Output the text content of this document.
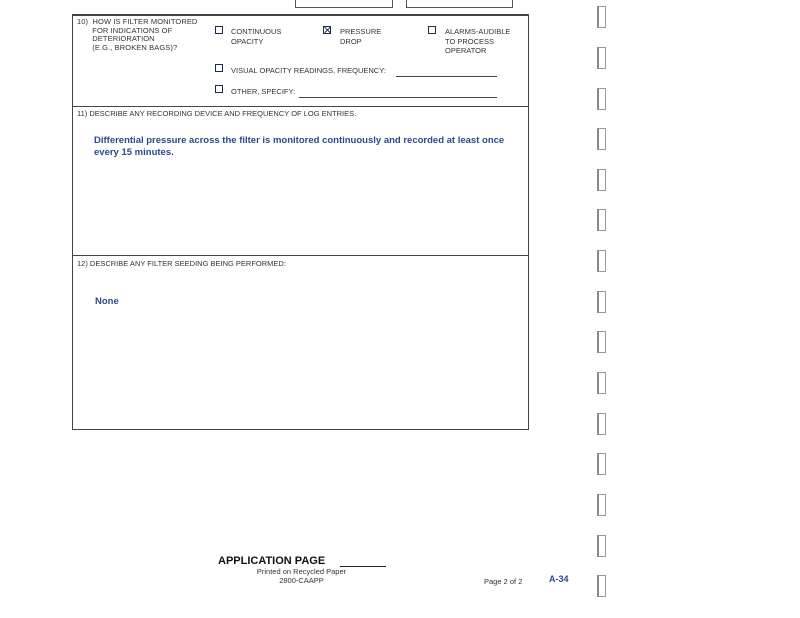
10)  HOW IS FILTER MONITORED
FOR INDICATIONS OF
DETERIORATION
(E.G., BROKEN BAGS)?
CONTINUOUS
OPACITY
PRESSURE
DROP
ALARMS-AUDIBLE
TO PROCESS
OPERATOR
VISUAL OPACITY READINGS, FREQUENCY:
OTHER, SPECIFY:
11) DESCRIBE ANY RECORDING DEVICE AND FREQUENCY OF LOG ENTRIES.
Differential pressure across the filter is monitored continuously and recorded at least once every 15 minutes.
12) DESCRIBE ANY FILTER SEEDING BEING PERFORMED:
None
APPLICATION PAGE
Printed on Recycled Paper
2800-CAAPP	Page 2 of 2	A-34
